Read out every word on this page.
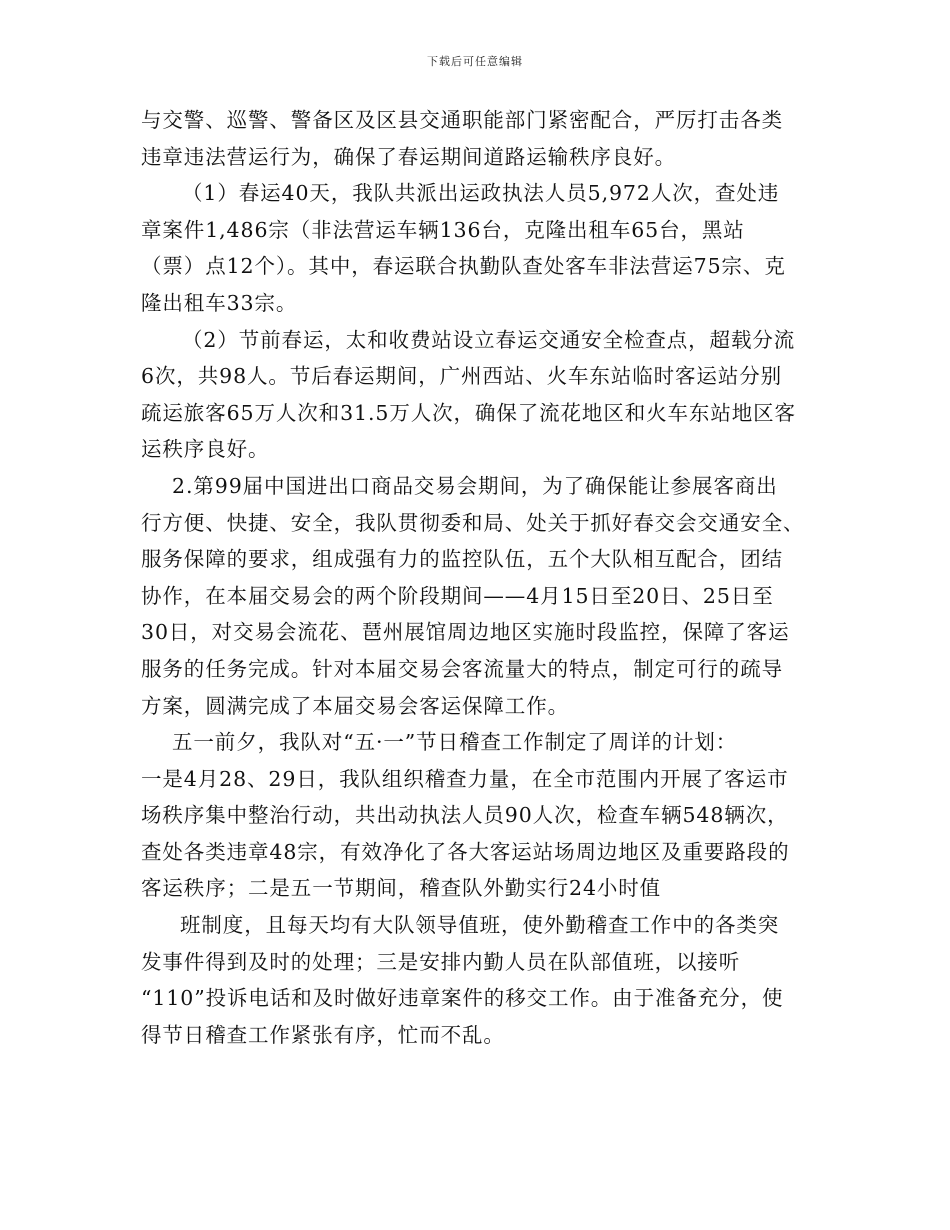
下载后可任意编辑
与交警、巡警、警备区及区县交通职能部门紧密配合，严厉打击各类
违章违法营运行为，确保了春运期间道路运输秩序良好。
（1）春运40天，我队共派出运政执法人员5,972人次，查处违
章案件1,486宗（非法营运车辆136台，克隆出租车65台，黑站
（票）点12个）。其中，春运联合执勤队查处客车非法营运75宗、克
隆出租车33宗。
（2）节前春运，太和收费站设立春运交通安全检查点，超载分流
6次，共98人。节后春运期间，广州西站、火车东站临时客运站分别
疏运旅客65万人次和31.5万人次，确保了流花地区和火车东站地区客
运秩序良好。
2.第99届中国进出口商品交易会期间，为了确保能让参展客商出
行方便、快捷、安全，我队贯彻委和局、处关于抓好春交会交通安全、
服务保障的要求，组成强有力的监控队伍，五个大队相互配合，团结
协作，在本届交易会的两个阶段期间——4月15日至20日、25日至
30日，对交易会流花、琶州展馆周边地区实施时段监控，保障了客运
服务的任务完成。针对本届交易会客流量大的特点，制定可行的疏导
方案，圆满完成了本届交易会客运保障工作。
五一前夕，我队对“五·一”节日稽查工作制定了周详的计划：
一是4月28、29日，我队组织稽查力量，在全市范围内开展了客运市
场秩序集中整治行动，共出动执法人员90人次，检查车辆548辆次，
查处各类违章48宗，有效净化了各大客运站场周边地区及重要路段的
客运秩序；二是五一节期间，稽查队外勤实行24小时值
班制度，且每天均有大队领导值班，使外勤稽查工作中的各类突
发事件得到及时的处理；三是安排内勤人员在队部值班，以接听
“110”投诉电话和及时做好违章案件的移交工作。由于准备充分，使
得节日稽查工作紧张有序，忙而不乱。
